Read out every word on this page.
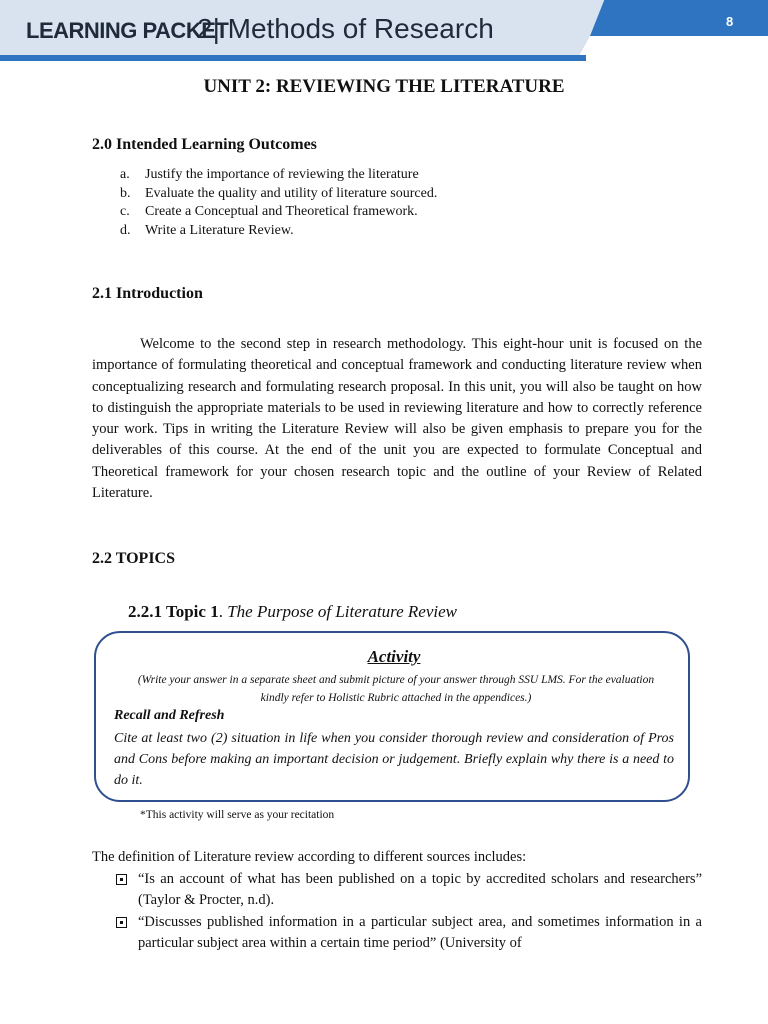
LEARNING PACKET
2| Methods of Research	8
UNIT 2: REVIEWING THE LITERATURE
2.0 Intended Learning Outcomes
a. Justify the importance of reviewing the literature
b. Evaluate the quality and utility of literature sourced.
c. Create a Conceptual and Theoretical framework.
d. Write a Literature Review.
2.1 Introduction

Welcome to the second step in research methodology. This eight-hour unit is focused on the importance of formulating theoretical and conceptual framework and conducting literature review when conceptualizing research and formulating research proposal. In this unit, you will also be taught on how to distinguish the appropriate materials to be used in reviewing literature and how to correctly reference your work. Tips in writing the Literature Review will also be given emphasis to prepare you for the deliverables of this course. At the end of the unit you are expected to formulate Conceptual and Theoretical framework for your chosen research topic and the outline of your Review of Related Literature.

2.2 TOPICS
2.2.1 Topic 1. The Purpose of Literature Review
Activity
(Write your answer in a separate sheet and submit picture of your answer through SSU LMS. For the evaluation kindly refer to Holistic Rubric attached in the appendices.)
Recall and Refresh
Cite at least two (2) situation in life when you consider thorough review and consideration of Pros and Cons before making an important decision or judgement. Briefly explain why there is a need to do it.
*This activity will serve as your recitation
The definition of Literature review according to different sources includes:
“Is an account of what has been published on a topic by accredited scholars and researchers” (Taylor & Procter, n.d).
“Discusses published information in a particular subject area, and sometimes information in a particular subject area within a certain time period” (University of
